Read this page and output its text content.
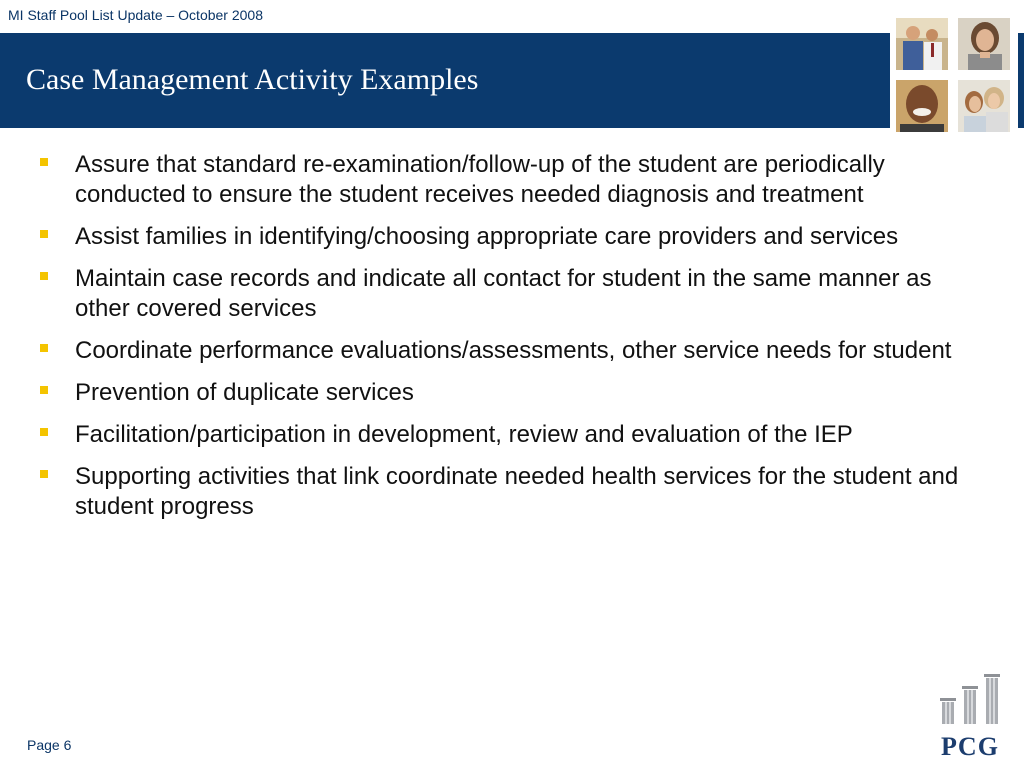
MI Staff Pool List Update – October 2008
Case Management Activity Examples
Assure that standard re-examination/follow-up of the student are periodically conducted to ensure the student receives needed diagnosis and treatment
Assist families in identifying/choosing appropriate care providers and services
Maintain case records and indicate all contact for student in the same manner as other covered services
Coordinate performance evaluations/assessments, other service needs for student
Prevention of duplicate services
Facilitation/participation in development, review and evaluation of the IEP
Supporting activities that link coordinate needed health services for the student and student progress
Page 6	PCG
